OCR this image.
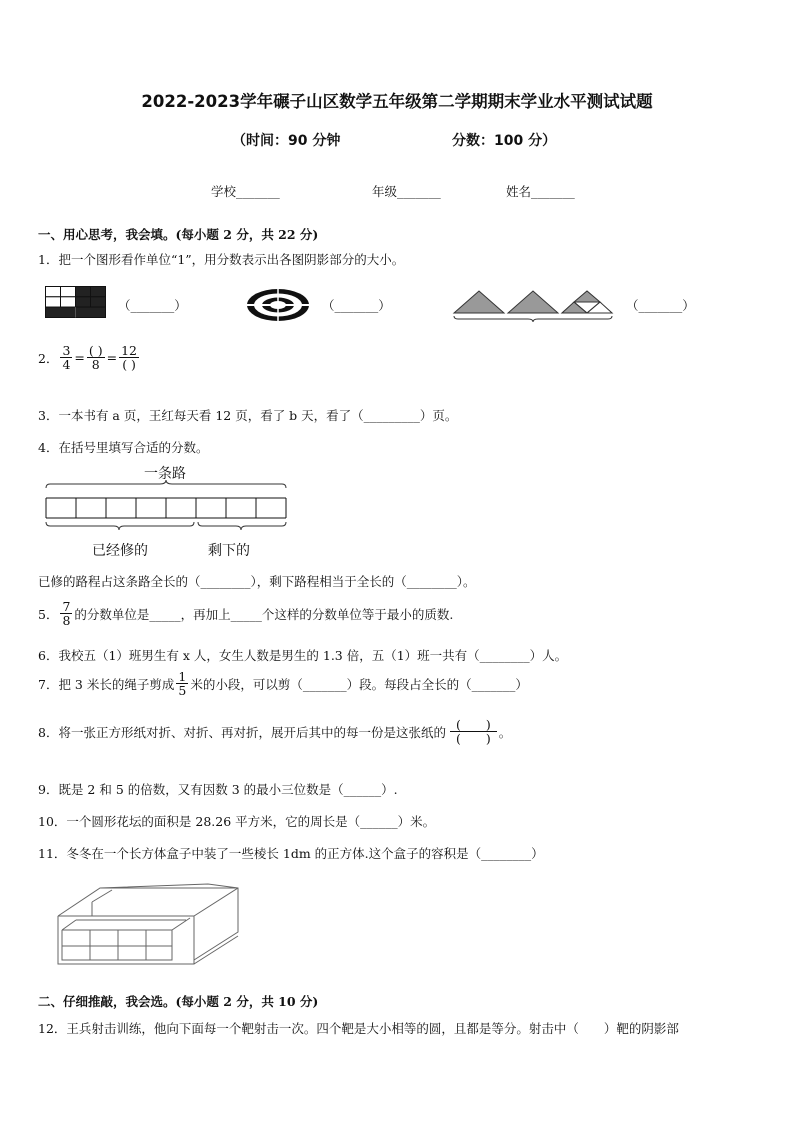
2022-2023学年碾子山区数学五年级第二学期期末学业水平测试试题
（时间：90 分钟	分数：100 分）
学校_______	年级_______	姓名_______
一、用心思考，我会填。(每小题 2 分，共 22 分)
1．把一个图形看作单位“1”，用分数表示出各图阴影部分的大小。
（_______）	（_______）	（_______）
2． $\frac{3}{4} = \frac{( )}{8} = \frac{12}{( )}$
3．一本书有 a 页，王红每天看 12 页，看了 b 天，看了（_________）页。
4．在括号里填写合适的分数。
一条路
已经修的	剩下的
已修的路程占这条路全长的（________），剩下路程相当于全长的（________）。
5． $\frac{7}{8}$ 的分数单位是_____，再加上_____个这样的分数单位等于最小的质数.
6．我校五（1）班男生有 x 人，女生人数是男生的 1.3 倍，五（1）班一共有（________）人。
7．把 3 米长的绳子剪成 $\frac{1}{5}$ 米的小段，可以剪（_______）段。每段占全长的（_______）
8．将一张正方形纸对折、对折、再对折，展开后其中的每一份是这张纸的 $\frac{( )}{( )}$ 。
9．既是 2 和 5 的倍数，又有因数 3 的最小三位数是（______）.
10．一个圆形花坛的面积是 28.26 平方米，它的周长是（______）米。
11．冬冬在一个长方体盒子中装了一些棱长 1dm 的正方体.这个盒子的容积是（________）
二、仔细推敲，我会选。(每小题 2 分，共 10 分)
12．王兵射击训练，他向下面每一个靶射击一次。四个靶是大小相等的圆，且都是等分。射击中（　　）靶的阴影部
